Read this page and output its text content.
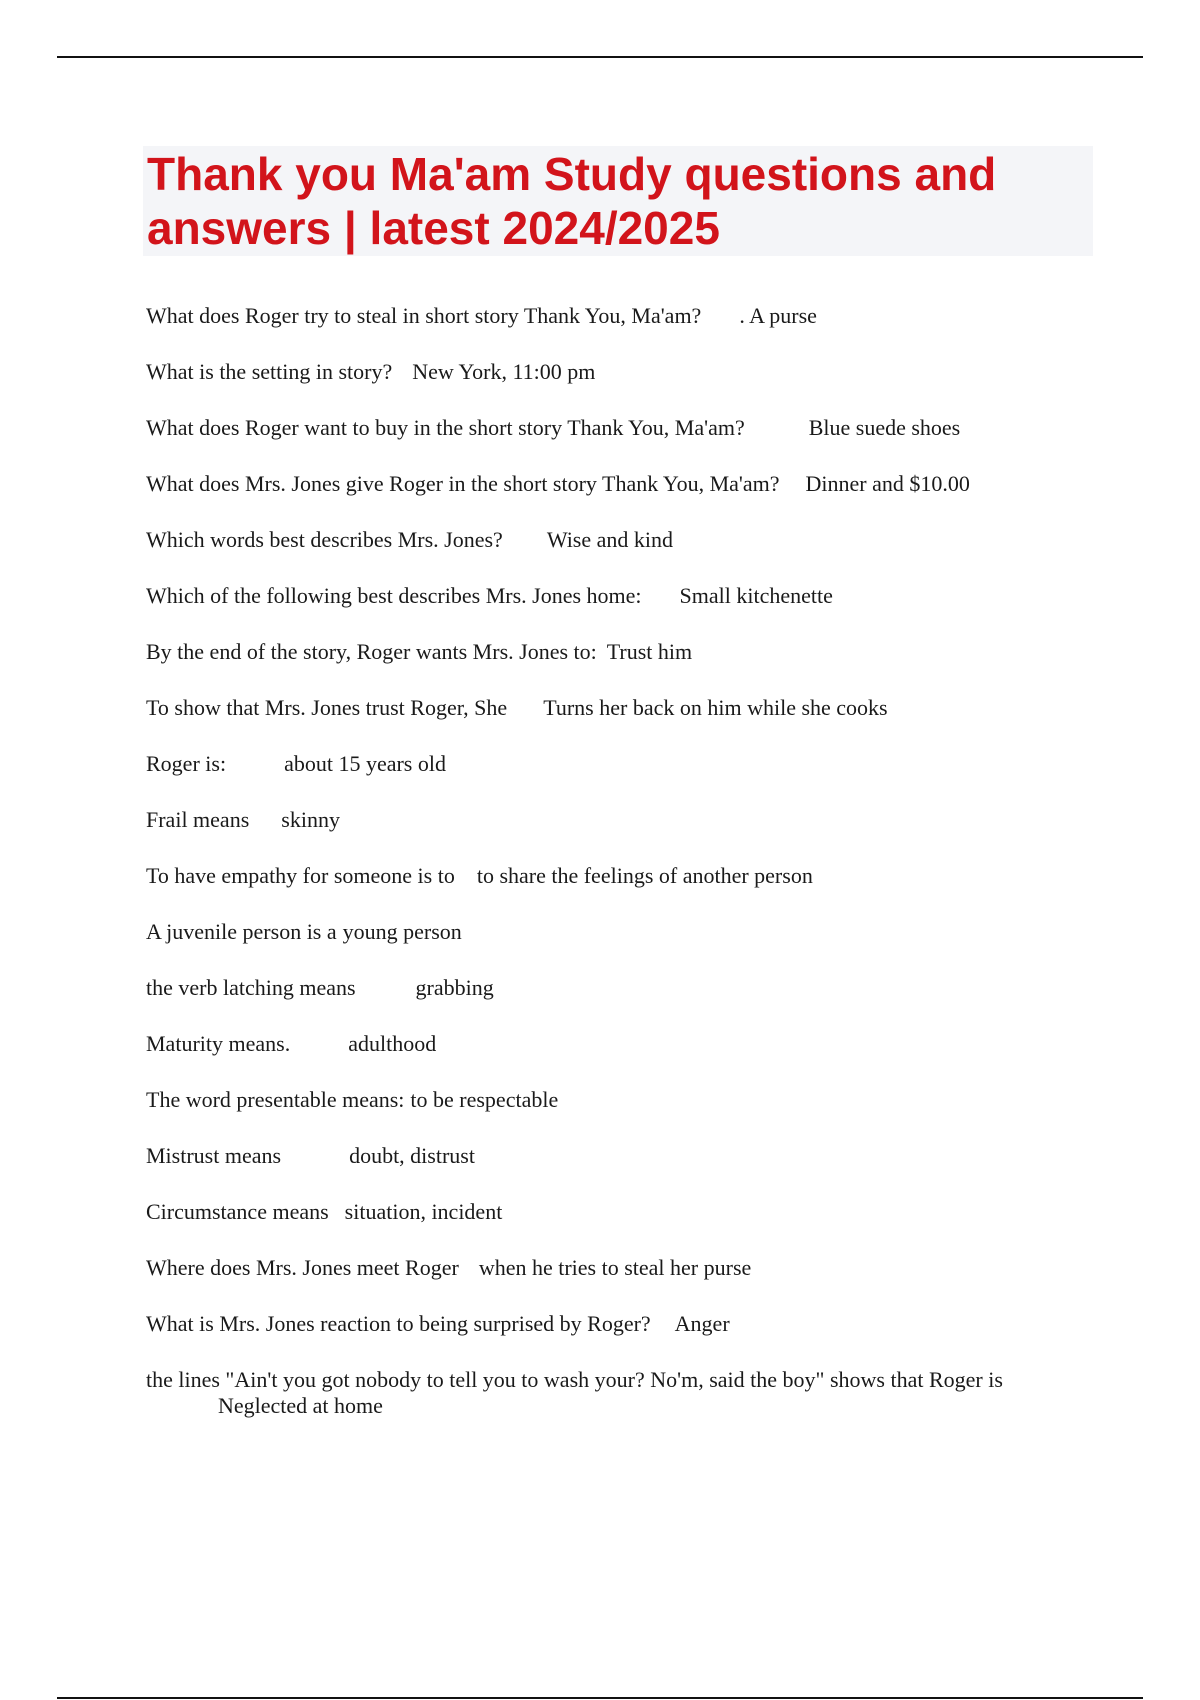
Thank you Ma'am Study questions and answers | latest 2024/2025
What does Roger try to steal in short story Thank You, Ma'am? . A purse
What is the setting in story? New York, 11:00 pm
What does Roger want to buy in the short story Thank You, Ma'am?	Blue suede shoes
What does Mrs. Jones give Roger in the short story Thank You, Ma'am? Dinner and $10.00
Which words best describes Mrs. Jones? Wise and kind
Which of the following best describes Mrs. Jones home: Small kitchenette
By the end of the story, Roger wants Mrs. Jones to: Trust him
To show that Mrs. Jones trust Roger, She Turns her back on him while she cooks
Roger is:	about 15 years old
Frail means skinny
To have empathy for someone is to to share the feelings of another person
A juvenile person is a young person
the verb latching means	grabbing
Maturity means.	adulthood
The word presentable means: to be respectable
Mistrust means	doubt, distrust
Circumstance means situation, incident
Where does Mrs. Jones meet Roger when he tries to steal her purse
What is Mrs. Jones reaction to being surprised by Roger? Anger
the lines "Ain't you got nobody to tell you to wash your? No'm, said the boy" shows that Roger is
Neglected at home
